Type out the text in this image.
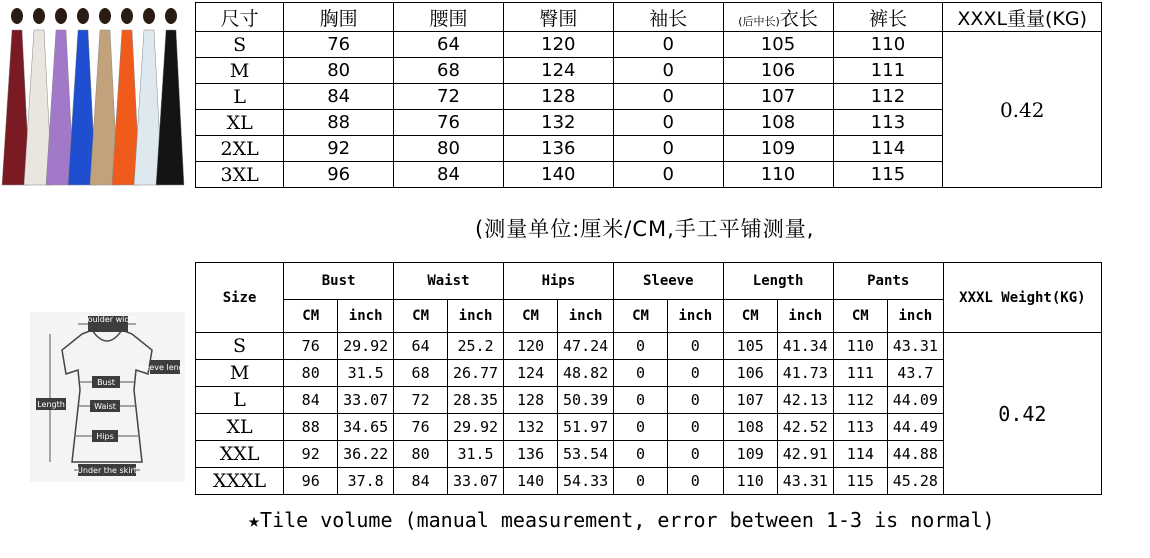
尺寸	胸围	腰围	臀围	袖长	(后中长)衣长	裤长	XXXL重量(KG)
S	76	64	120	0	105	110	0.42
M	80	68	124	0	106	111	
L	84	72	128	0	107	112	
XL	88	76	132	0	108	113	
2XL	92	80	136	0	109	114	
3XL	96	84	140	0	110	115	
(测量单位:厘米/CM,手工平铺测量,
shoulder width
sleeve length
Bust
Length	Waist
Hips
Under the skirt
Size	Bust		Waist		Hips		Sleeve		Length		Pants		XXXL Weight(KG)
	CM	inch	CM	inch	CM	inch	CM	inch	CM	inch	CM	inch	
S	76	29.92	64	25.2	120	47.24	0	0	105	41.34	110	43.31	0.42
M	80	31.5	68	26.77	124	48.82	0	0	106	41.73	111	43.7	
L	84	33.07	72	28.35	128	50.39	0	0	107	42.13	112	44.09	
XL	88	34.65	76	29.92	132	51.97	0	0	108	42.52	113	44.49	
XXL	92	36.22	80	31.5	136	53.54	0	0	109	42.91	114	44.88	
XXXL	96	37.8	84	33.07	140	54.33	0	0	110	43.31	115	45.28	
★Tile volume (manual measurement, error between 1-3 is normal)
